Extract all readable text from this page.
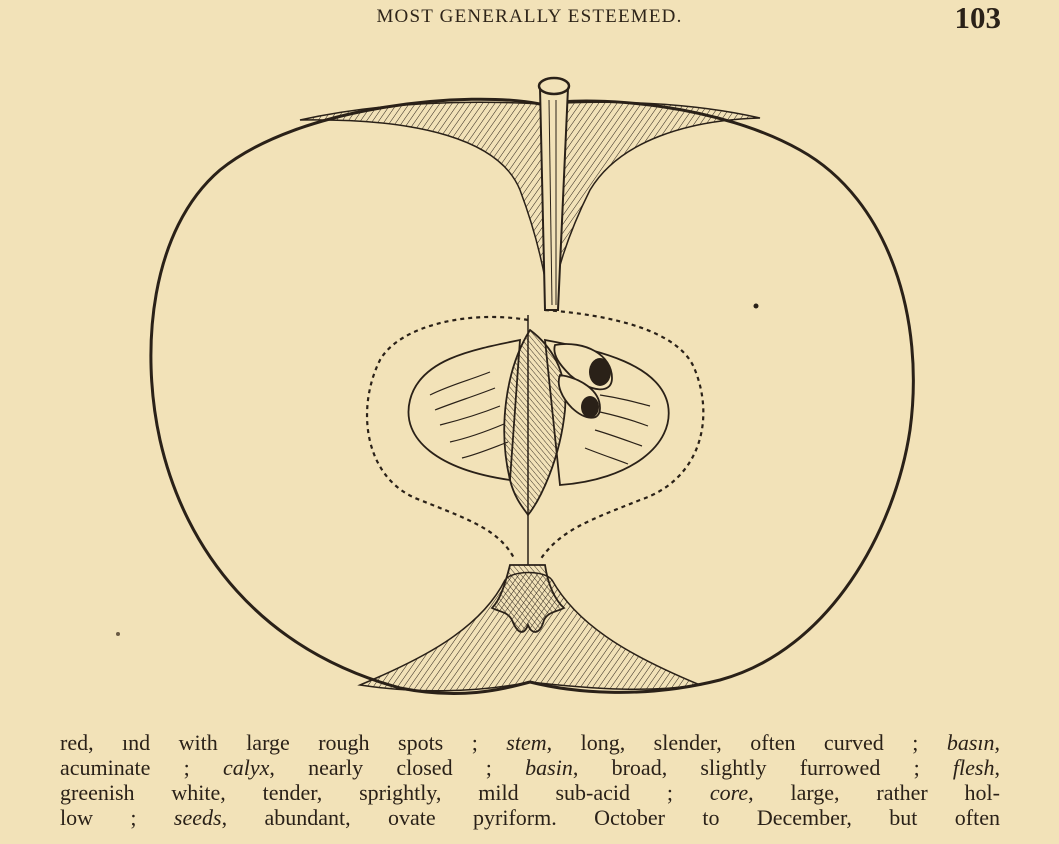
MOST GENERALLY ESTEEMED.	103
red, ınd with large rough spots ; stem, long, slender, often curved ; basın,
acuminate ; calyx, nearly closed ; basin, broad, slightly furrowed ; flesh,
greenish white, tender, sprightly, mild sub-acid ; core, large, rather hol-
low ; seeds, abundant, ovate pyriform. October to December, but often
